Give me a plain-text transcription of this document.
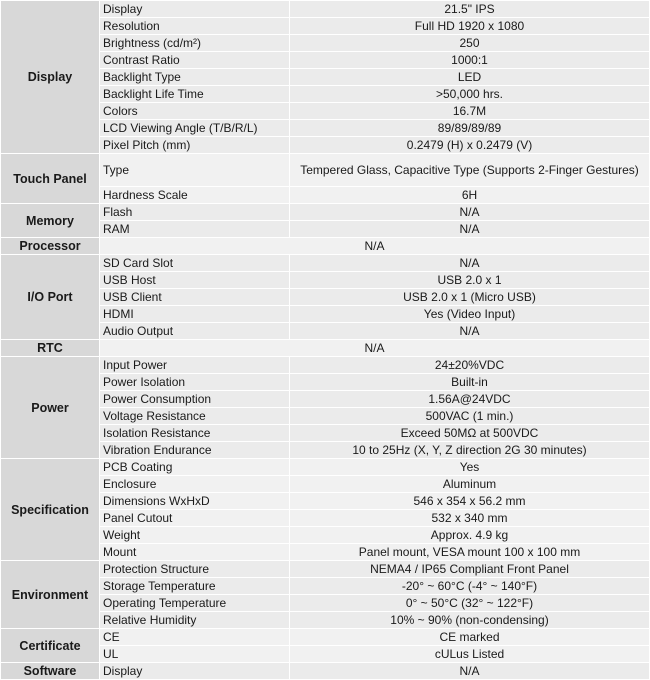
Display	Display	21.5" IPS
	Resolution	Full HD 1920 x 1080
	Brightness (cd/m²)	250
	Contrast Ratio	1000:1
	Backlight Type	LED
	Backlight Life Time	>50,000 hrs.
	Colors	16.7M
	LCD Viewing Angle (T/B/R/L)	89/89/89/89
	Pixel Pitch (mm)	0.2479 (H) x 0.2479 (V)
Touch Panel	Type	Tempered Glass, Capacitive Type (Supports 2-Finger Gestures)
	Hardness Scale	6H
Memory	Flash	N/A
	RAM	N/A
Processor	N/A	
I/O Port	SD Card Slot	N/A
	USB Host	USB 2.0 x 1
	USB Client	USB 2.0 x 1 (Micro USB)
	HDMI	Yes (Video Input)
	Audio Output	N/A
RTC	N/A	
Power	Input Power	24±20%VDC
	Power Isolation	Built-in
	Power Consumption	1.56A@24VDC
	Voltage Resistance	500VAC (1 min.)
	Isolation Resistance	Exceed 50MΩ at 500VDC
	Vibration Endurance	10 to 25Hz (X, Y, Z direction 2G 30 minutes)
Specification	PCB Coating	Yes
	Enclosure	Aluminum
	Dimensions WxHxD	546 x 354 x 56.2 mm
	Panel Cutout	532 x 340 mm
	Weight	Approx. 4.9 kg
	Mount	Panel mount, VESA mount 100 x 100 mm
Environment	Protection Structure	NEMA4 / IP65 Compliant Front Panel
	Storage Temperature	-20° ~ 60°C (-4° ~ 140°F)
	Operating Temperature	0° ~ 50°C (32° ~ 122°F)
	Relative Humidity	10% ~ 90% (non-condensing)
Certificate	CE	CE marked
	UL	cULus Listed
Software	Display	N/A
